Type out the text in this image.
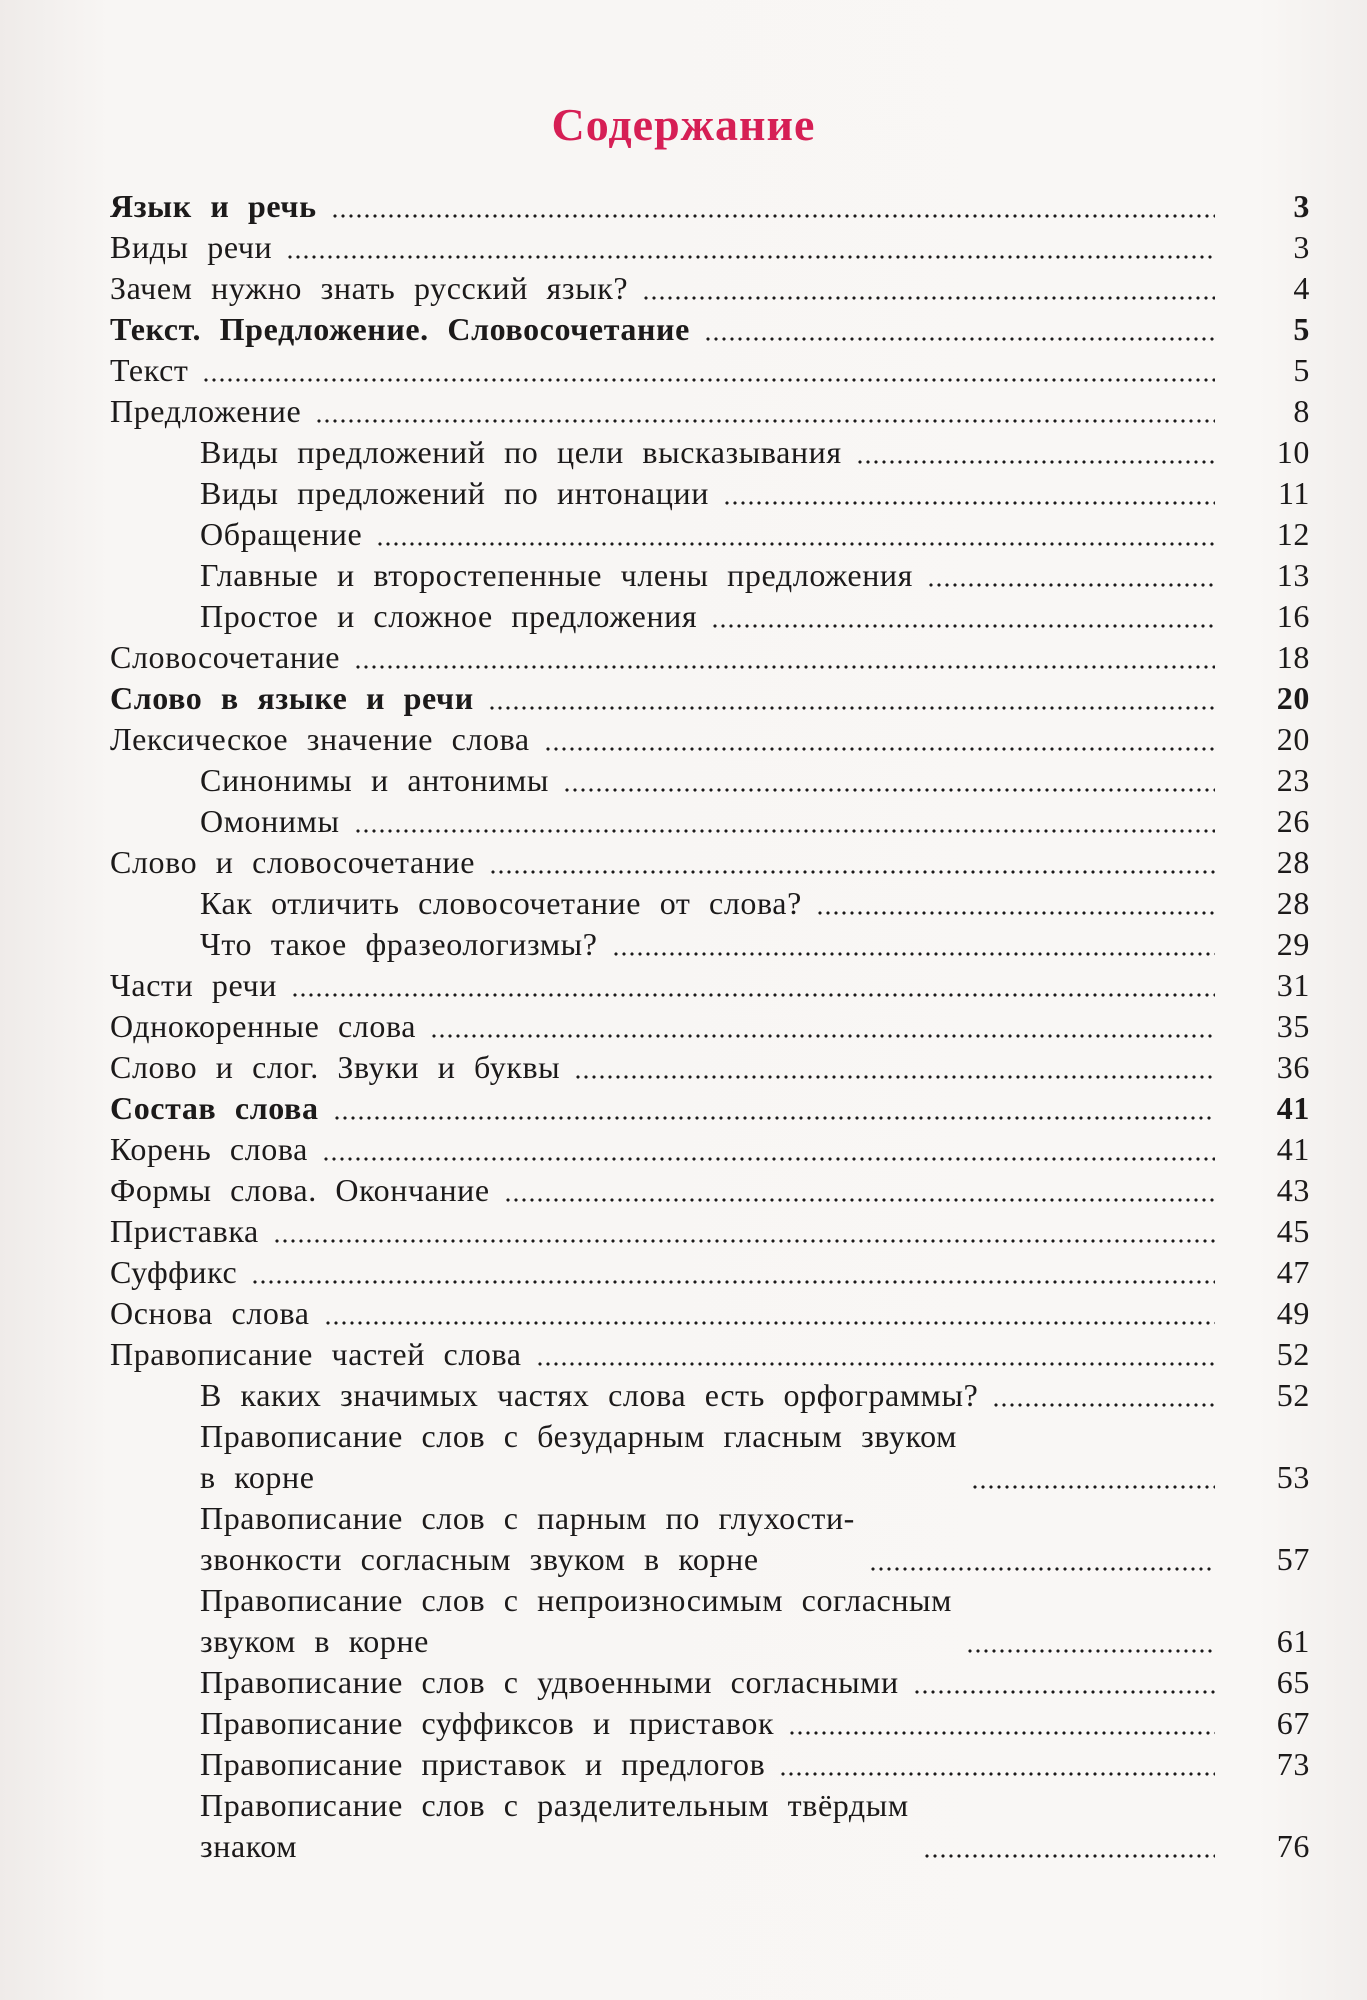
Содержание
Язык и речь	3
Виды речи	3
Зачем нужно знать русский язык?	4
Текст. Предложение. Словосочетание	5
Текст	5
Предложение	8
Виды предложений по цели высказывания	10
Виды предложений по интонации	11
Обращение	12
Главные и второстепенные члены предложения	13
Простое и сложное предложения	16
Словосочетание	18
Слово в языке и речи	20
Лексическое значение слова	20
Синонимы и антонимы	23
Омонимы	26
Слово и словосочетание	28
Как отличить словосочетание от слова?	28
Что такое фразеологизмы?	29
Части речи	31
Однокоренные слова	35
Слово и слог. Звуки и буквы	36
Состав слова	41
Корень слова	41
Формы слова. Окончание	43
Приставка	45
Суффикс	47
Основа слова	49
Правописание частей слова	52
В каких значимых частях слова есть орфограммы?	52
Правописание слов с безударным гласным звуком
в корне	53
Правописание слов с парным по глухости-
звонкости согласным звуком в корне	57
Правописание слов с непроизносимым согласным
звуком в корне	61
Правописание слов с удвоенными согласными	65
Правописание суффиксов и приставок	67
Правописание приставок и предлогов	73
Правописание слов с разделительным твёрдым
знаком	76
